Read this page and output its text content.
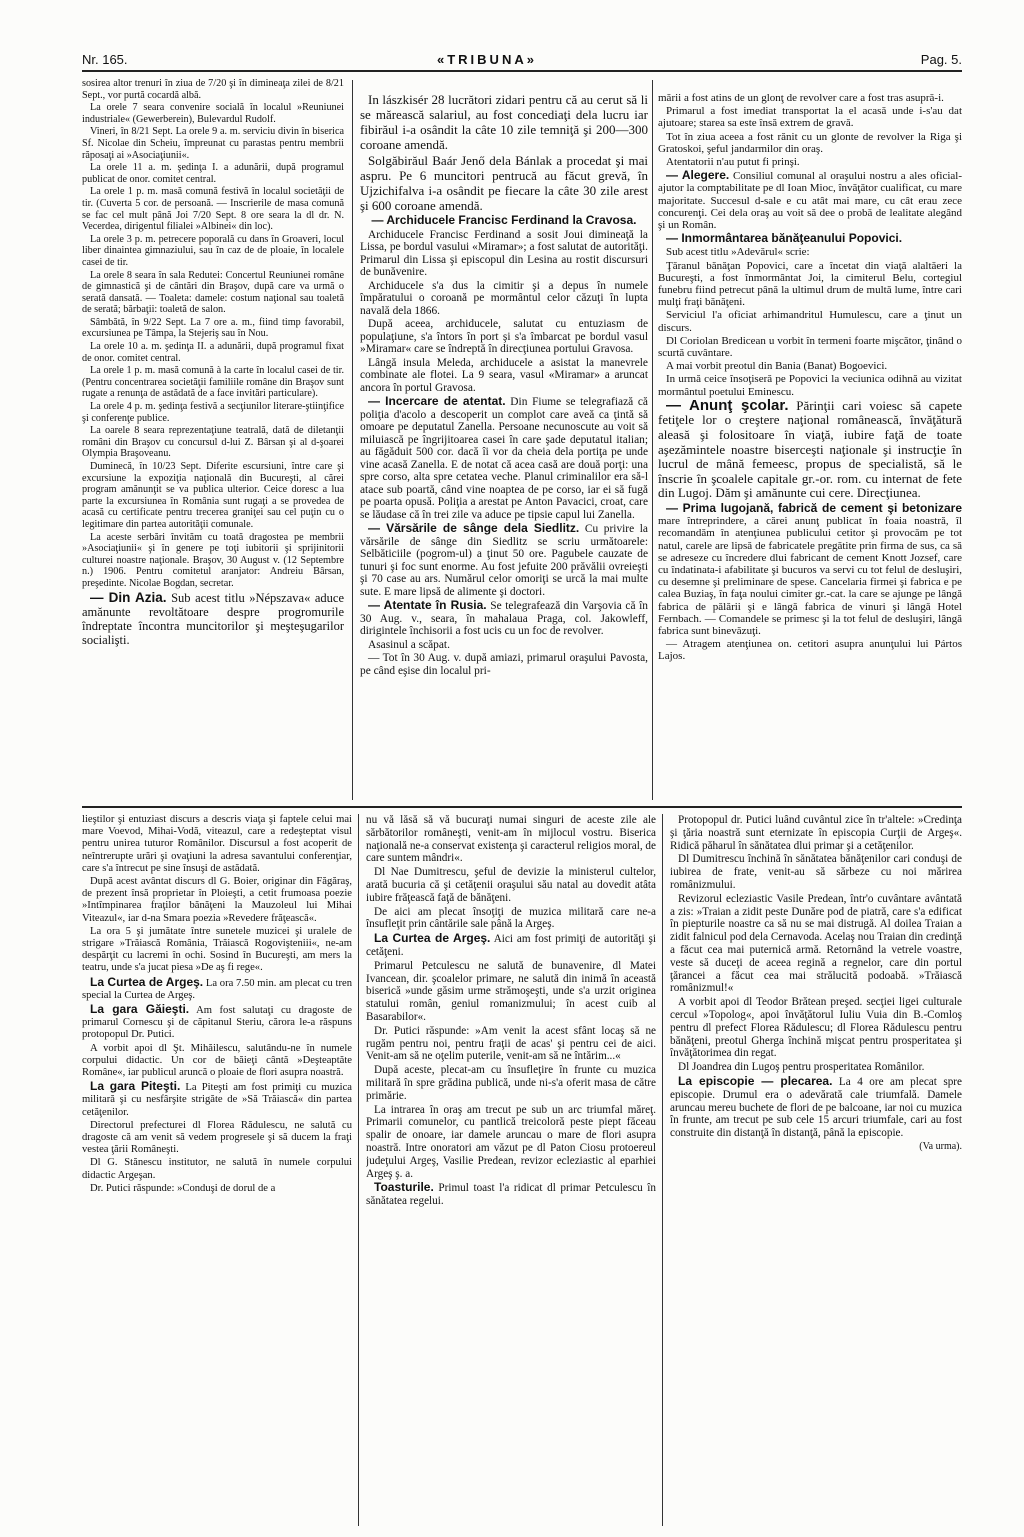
Nr. 165.	«TRIBUNA»	Pag. 5.

sosirea altor trenuri în ziua de 7/20 şi în dimineaţa zilei de 8/21 Sept., vor purtă cocardă albă.

La orele 7 seara convenire socială în localul »Reuniunei industriale« (Gewerberein), Bulevardul Rudolf.

Vineri, în 8/21 Sept. La orele 9 a. m. serviciu divin în biserica Sf. Nicolae din Scheiu, împreunat cu parastas pentru membrii răposaţi ai »Asociaţiunii«.

La orele 11 a. m. şedinţa I. a adunării, după programul publicat de onor. comitet central.

La orele 1 p. m. masă comună festivă în localul societăţii de tir. (Cuverta 5 cor. de persoană. — Inscrierile de masa comună se fac cel mult până Joi 7/20 Sept. 8 ore seara la dl dr. N. Vecerdea, dirigentul filialei »Albinei« din loc).

La orele 3 p. m. petrecere poporală cu dans în Groaveri, locul liber dinaintea gimnaziului, sau în caz de de ploaie, în localele casei de tir.

La orele 8 seara în sala Redutei: Concertul Reuniunei române de gimnastică şi de cântări din Braşov, după care va urmă o serată dansată. — Toaleta: damele: costum naţional sau toaletă de serată; bărbaţii: toaletă de salon.

Sâmbătă, în 9/22 Sept. La 7 ore a. m., fiind timp favorabil, excursiunea pe Tâmpa, la Stejeriş sau în Nou.

La orele 10 a. m. şedinţa II. a adunării, după programul fixat de onor. comitet central.

La orele 1 p. m. masă comună à la carte în localul casei de tir. (Pentru concentrarea societăţii familiile române din Braşov sunt rugate a renunţa de astădată de a face invitări particulare).

La orele 4 p. m. şedinţa festivă a secţiunilor literare-ştiinţifice şi conferenţe publice.

La oarele 8 seara reprezentaţiune teatrală, dată de diletanţii români din Braşov cu concursul d-lui Z. Bârsan şi al d-şoarei Olympia Braşoveanu.

Duminecă, în 10/23 Sept. Diferite escursiuni, între care şi excursiune la expoziţia naţională din Bucureşti, al cărei program amănunţit se va publica ulterior. Ceice doresc a lua parte la excursiunea în România sunt rugaţi a se provedea de acasă cu certificate pentru trecerea graniţei sau cel puţin cu o legitimare din partea autorităţii comunale.

La aceste serbări învităm cu toată dragostea pe membrii »Asociaţiunii« şi în genere pe toţi iubitorii şi sprijinitorii culturei noastre naţionale. Braşov, 30 August v. (12 Septembre n.) 1906. Pentru comitetul aranjator: Andreiu Bârsan, preşedinte. Nicolae Bogdan, secretar.

— Din Azia. Sub acest titlu »Népszava« aduce amănunte revoltătoare despre progromurile îndreptate încontra muncitorilor şi meşteşugarilor socialişti.

In lászkisér 28 lucrători zidari pentru că au cerut să li se mărească salariul, au fost concediaţi dela lucru iar fibirăul i-a osândit la câte 10 zile temniţă şi 200—300 coroane amendă.

Solgăbirăul Baár Jenő dela Bánlak a procedat şi mai aspru. Pe 6 muncitori pentrucă au făcut grevă, în Ujzichifalva i-a osândit pe fiecare la câte 30 zile arest şi 600 coroane amendă.

— Archiducele Francisc Ferdinand la Cravosa.

Archiducele Francisc Ferdinand a sosit Joui dimineaţă la Lissa, pe bordul vasului «Miramar»; a fost salutat de autorităţi. Primarul din Lissa şi episcopul din Lesina au rostit discursuri de bunăvenire.

Archiducele s'a dus la cimitir şi a depus în numele împăratului o coroană pe mormântul celor căzuţi în lupta navală dela 1866.

După aceea, archiducele, salutat cu entuziasm de populaţiune, s'a întors în port şi s'a îmbarcat pe bordul vasul »Miramar« care se îndreptă în direcţiunea portului Gravosa.

Lângă insula Meleda, archiducele a asistat la manevrele combinate ale flotei. La 9 seara, vasul «Miramar» a aruncat ancora în portul Gravosa.

— Incercare de atentat. Din Fiume se telegrafiază că poliţia d'acolo a descoperit un complot care aveă ca ţintă să omoare pe deputatul Zanella. Persoane necunoscute au voit să miluiască pe îngrijitoarea casei în care şade deputatul italian; au făgăduit 500 cor. dacă îi vor da cheia dela portiţa pe unde vine acasă Zanella. E de notat că acea casă are două porţi: una spre corso, alta spre cetatea veche. Planul criminalilor era să-l atace sub poartă, când vine noaptea de pe corso, iar ei să fugă pe poarta opusă. Poliţia a arestat pe Anton Pavacici, croat, care se lăudase că în trei zile va aduce pe tipsie capul lui Zanella.

— Vărsările de sânge dela Siedlitz. Cu privire la vărsările de sânge din Siedlitz se scriu următoarele: Selbăticiile (pogrom-ul) a ţinut 50 ore. Pagubele cauzate de tunuri şi foc sunt enorme. Au fost jefuite 200 prăvălii ovreieşti şi 70 case au ars. Numărul celor omoriţi se urcă la mai multe sute. E mare lipsă de alimente şi doctori.

— Atentate în Rusia. Se telegrafează din Varşovia că în 30 Aug. v., seara, în mahalaua Praga, col. Jakowleff, dirigintele închisorii a fost ucis cu un foc de revolver.

Asasinul a scăpat.

— Tot în 30 Aug. v. după amiazi, primarul oraşului Pavosta, pe când eşise din localul pri-

mării a fost atins de un glonţ de revolver care a fost tras asupră-i.

Primarul a fost imediat transportat la el acasă unde i-s'au dat ajutoare; starea sa este însă extrem de gravă.

Tot în ziua aceea a fost rănit cu un glonte de revolver la Riga şi Gratoskoi, şeful jandarmilor din oraş.

Atentatorii n'au putut fi prinşi.

— Alegere. Consiliul comunal al oraşului nostru a ales oficial-ajutor la comptabilitate pe dl Ioan Mioc, învăţător cualificat, cu mare majoritate. Succesul d-sale e cu atât mai mare, cu cât erau zece concurenţi. Cei dela oraş au voit să dee o probă de lealitate alegând şi un Român.

— Inmormântarea bănăţeanului Popovici.

Sub acest titlu »Adevărul« scrie:

Ţăranul bănăţan Popovici, care a încetat din viaţă alaltăeri la Bucureşti, a fost înmormântat Joi, la cimiterul Belu, cortegiul funebru fiind petrecut până la ultimul drum de multă lume, între cari mulţi fraţi bănăţeni.

Serviciul l'a oficiat arhimandritul Humulescu, care a ţinut un discurs.

Dl Coriolan Bredicean u vorbit în termeni foarte mişcător, ţinând o scurtă cuvântare.

A mai vorbit preotul din Bania (Banat) Bogoevici.

In urmă ceice însoţiseră pe Popovici la veciunica odihnă au vizitat mormântul poetului Eminescu.

— Anunţ şcolar. Părinţii cari voiesc să capete fetiţele lor o creştere naţional românească, învăţătură aleasă şi folositoare în viaţă, iubire faţă de toate aşezămintele noastre biserceşti naţionale şi instrucţie în lucrul de mână femeesc, propus de specialistă, să le înscrie în şcoalele capitale gr.-or. rom. cu internat de fete din Lugoj. Dăm şi amănunte cui cere. Direcţiunea.

— Prima lugojană, fabrică de cement şi betonizare mare întreprindere, a cărei anunţ publicat în foaia noastră, îl recomandăm în atenţiunea publicului cetitor şi provocăm pe tot natul, carele are lipsă de fabricatele pregătite prin firma de sus, ca să se adreseze cu încredere dlui fabricant de cement Knott Jozsef, care cu îndatinata-i afabilitate şi bucuros va servi cu tot felul de desluşiri, cu desemne şi preliminare de spese. Cancelaria firmei şi fabrica e pe calea Buziaş, în faţa noului cimiter gr.-cat. la care se ajunge pe lângă fabrica de pălării şi e lângă fabrica de vinuri şi lângă Hotel Fernbach. — Comandele se primesc şi la tot felul de desluşiri, lângă fabrica sunt binevăzuţi.

— Atragem atenţiunea on. cetitori asupra anunţului lui Pártos Lajos.

lieştilor şi entuziast discurs a descris viaţa şi faptele celui mai mare Voevod, Mihai-Vodă, viteazul, care a redeşteptat visul pentru unirea tuturor Românilor. Discursul a fost acoperit de neîntrerupte urări şi ovaţiuni la adresa savantului conferenţiar, care s'a întrecut pe sine însuşi de astădată.

După acest avântat discurs dl G. Boier, originar din Făgăraş, de prezent însă proprietar în Ploieşti, a cetit frumoasa poezie »Intîmpinarea fraţilor bănăţeni la Mauzoleul lui Mihai Viteazul«, iar d-na Smara poezia »Revedere frăţească«.

La ora 5 şi jumătate între sunetele muzicei şi uralele de strigare »Trăiască România, Trăiască Rogovişteniii«, ne-am despărţit cu lacremi în ochi. Sosind în Bucureşti, am mers la teatru, unde s'a jucat piesa »De aş fi rege«.

La Curtea de Argeş. La ora 7.50 min. am plecat cu tren special la Curtea de Argeş.

La gara Găieşti. Am fost salutaţi cu dragoste de primarul Cornescu şi de căpitanul Steriu, cărora le-a răspuns protopopul Dr. Putici.

A vorbit apoi dl Şt. Mihăilescu, salutându-ne în numele corpului didactic. Un cor de băieţi cântă »Deşteaptăte Române«, iar publicul aruncă o ploaie de flori asupra noastră.

La gara Piteşti. La Piteşti am fost primiţi cu muzica militară şi cu nesfârşite strigăte de »Să Trăiască« din partea cetăţenilor.

Directorul prefecturei dl Florea Rădulescu, ne salută cu dragoste că am venit să vedem progresele şi să ducem la fraţi vestea ţării Româneşti.

Dl G. Stănescu institutor, ne salută în numele corpului didactic Argeşan.

Dr. Putici răspunde: »Conduşi de dorul de a

nu vă lăsă să vă bucuraţi numai singuri de aceste zile ale sărbătorilor româneşti, venit-am în mijlocul vostru. Biserica naţională ne-a conservat existenţa şi caracterul religios moral, de care suntem mândri«.

Dl Nae Dumitrescu, şeful de devizie la ministerul cultelor, arată bucuria că şi cetăţenii oraşului său natal au dovedit atâta iubire frăţească faţă de bănăţeni.

De aici am plecat însoţiţi de muzica militară care ne-a însufleţit prin cântările sale până la Argeş.

La Curtea de Argeş. Aici am fost primiţi de autorităţi şi cetăţeni.

Primarul Petculescu ne salută de bunavenire, dl Matei Ivancean, dir. şcoalelor primare, ne salută din inimă în această biserică »unde găsim urme strămoşeşti, unde s'a urzit originea statului român, geniul romanizmului; în acest cuib al Basarabilor«.

Dr. Putici răspunde: »Am venit la acest sfânt locaş să ne rugăm pentru noi, pentru fraţii de acas' şi pentru cei de aici. Venit-am să ne oţelim puterile, venit-am să ne întărim...«

După aceste, plecat-am cu însufleţire în frunte cu muzica militară în spre grădina publică, unde ni-s'a oferit masa de către primărie.

La intrarea în oraş am trecut pe sub un arc triumfal măreţ. Primarii comunelor, cu pantlică treicoloră peste piept făceau spalir de onoare, iar damele aruncau o mare de flori asupra noastră. Intre onoratori am văzut pe dl Paton Ciosu protoereul judeţului Argeş, Vasilie Predean, revizor ecleziastic al eparhiei Argeş ş. a.

Toasturile. Primul toast l'a ridicat dl primar Petculescu în sănătatea regelui.

Protopopul dr. Putici luând cuvântul zice în tr'altele: »Credinţa şi ţăria noastră sunt eternizate în episcopia Curţii de Argeş«. Ridică păharul în sănătatea dlui primar şi a cetăţenilor.

Dl Dumitrescu închină în sănătatea bănăţenilor cari conduşi de iubirea de frate, venit-au să sărbeze cu noi mărirea românizmului.

Revizorul ecleziastic Vasile Predean, într'o cuvântare avântată a zis: »Traian a zidit peste Dunăre pod de piatră, care s'a edificat în piepturile noastre ca să nu se mai distrugă. Al doilea Traian a zidit falnicul pod dela Cernavoda. Acelaş nou Traian din credinţă a făcut cea mai puternică armă. Retornând la vetrele voastre, veste să duceţi de aceea regină a regnelor, care din portul ţărancei a făcut cea mai strălucită podoabă. »Trăiască românizmul!«

A vorbit apoi dl Teodor Brătean preşed. secţiei ligei culturale cercul »Topolog«, apoi învăţătorul Iuliu Vuia din B.-Comloş pentru dl prefect Florea Rădulescu; dl Florea Rădulescu pentru bănăţeni, preotul Gherga închină mişcat pentru prosperitatea şi învăţătorimea din regat.

Dl Joandrea din Lugoş pentru prosperitatea Românilor.

La episcopie — plecarea. La 4 ore am plecat spre episcopie. Drumul era o adevărată cale triumfală. Damele aruncau mereu buchete de flori de pe balcoane, iar noi cu muzica în frunte, am trecut pe sub cele 15 arcuri triumfale, cari au fost construite din distanţă în distanţă, până la episcopie.

(Va urma).
